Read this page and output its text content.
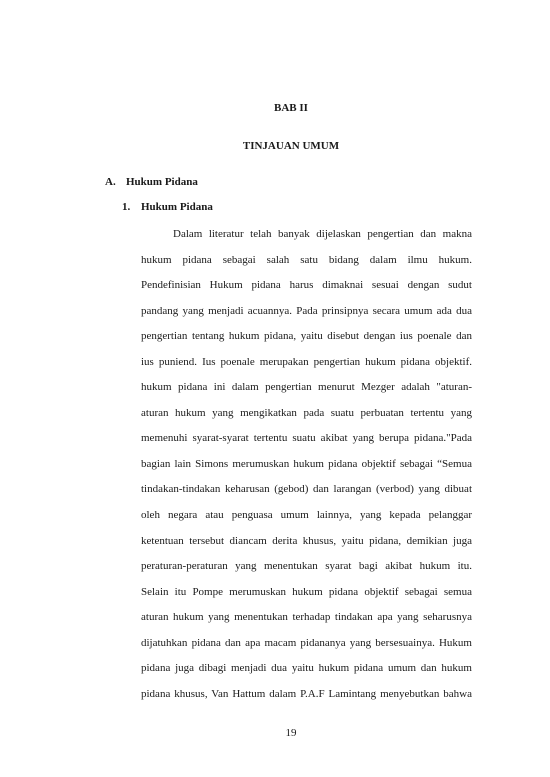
BAB II
TINJAUAN UMUM
A. Hukum Pidana
1. Hukum Pidana
Dalam literatur telah banyak dijelaskan pengertian dan makna
hukum pidana sebagai salah satu bidang dalam ilmu hukum.
Pendefinisian Hukum pidana harus dimaknai sesuai dengan sudut
pandang yang menjadi acuannya. Pada prinsipnya secara umum ada dua
pengertian tentang hukum pidana, yaitu disebut dengan ius poenale dan
ius puniend. Ius poenale merupakan pengertian hukum pidana objektif.
hukum pidana ini dalam pengertian menurut Mezger adalah "aturan-
aturan hukum yang mengikatkan pada suatu perbuatan tertentu yang
memenuhi syarat-syarat tertentu suatu akibat yang berupa pidana."Pada
bagian lain Simons merumuskan hukum pidana objektif sebagai “Semua
tindakan-tindakan keharusan (gebod) dan larangan (verbod) yang dibuat
oleh negara atau penguasa umum lainnya, yang kepada pelanggar
ketentuan tersebut diancam derita khusus, yaitu pidana, demikian juga
peraturan-peraturan yang menentukan syarat bagi akibat hukum itu.
Selain itu Pompe merumuskan hukum pidana objektif sebagai semua
aturan hukum yang menentukan terhadap tindakan apa yang seharusnya
dijatuhkan pidana dan apa macam pidananya yang bersesuainya. Hukum
pidana juga dibagi menjadi dua yaitu hukum pidana umum dan hukum
pidana khusus, Van Hattum dalam P.A.F Lamintang menyebutkan bahwa
19
